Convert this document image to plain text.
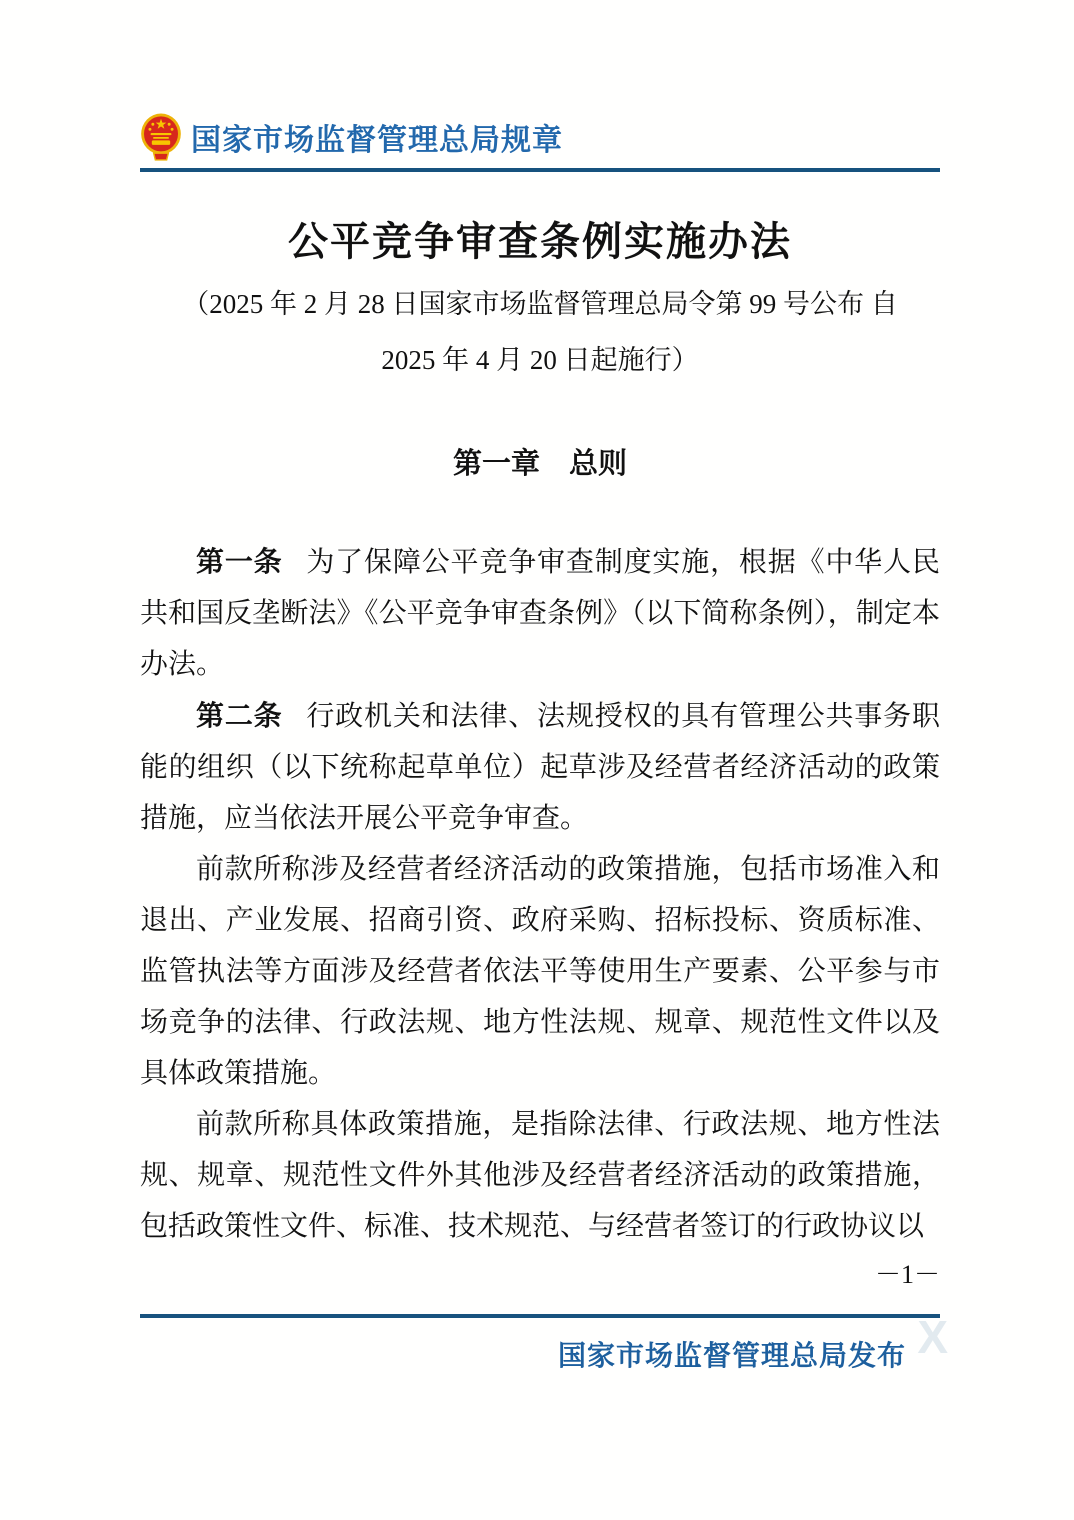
国家市场监督管理总局规章
公平竞争审查条例实施办法

（2025 年 2 月 28 日国家市场监督管理总局令第 99 号公布 自
2025 年 4 月 20 日起施行）

第一章　总则

第一条 为了保障公平竞争审查制度实施，根据《中华人民共和国反垄断法》《公平竞争审查条例》（以下简称条例），制定本办法。

第二条 行政机关和法律、法规授权的具有管理公共事务职能的组织（以下统称起草单位）起草涉及经营者经济活动的政策措施，应当依法开展公平竞争审查。

前款所称涉及经营者经济活动的政策措施，包括市场准入和退出、产业发展、招商引资、政府采购、招标投标、资质标准、监管执法等方面涉及经营者依法平等使用生产要素、公平参与市场竞争的法律、行政法规、地方性法规、规章、规范性文件以及具体政策措施。

前款所称具体政策措施，是指除法律、行政法规、地方性法规、规章、规范性文件外其他涉及经营者经济活动的政策措施，包括政策性文件、标准、技术规范、与经营者签订的行政协议以

－1－
X
国家市场监督管理总局发布
